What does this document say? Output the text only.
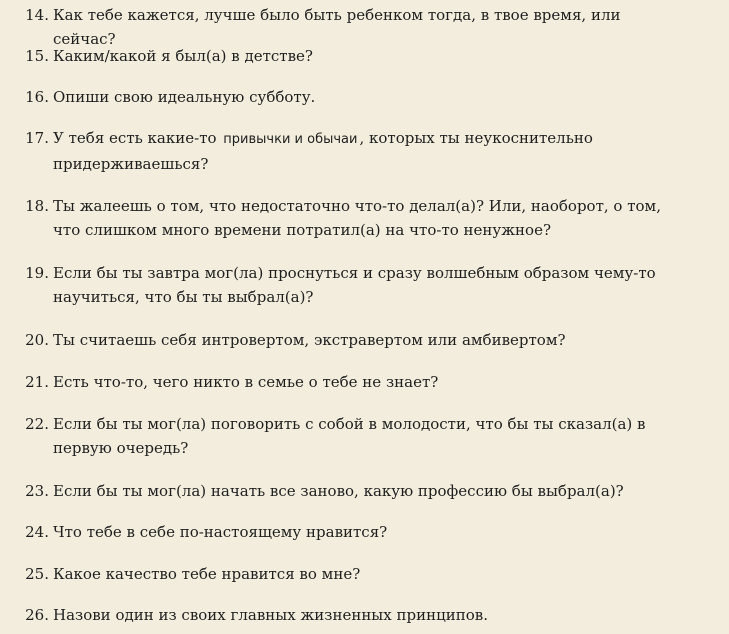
14. Как тебе кажется, лучше было быть ребенком тогда, в твое время, или сейчас?
15. Каким/какой я был(а) в детстве?
16. Опиши свою идеальную субботу.
17. У тебя есть какие-то привычки и обычаи , которых ты неукоснительно придерживаешься?
18. Ты жалеешь о том, что недостаточно что-то делал(а)? Или, наоборот, о том, что слишком много времени потратил(а) на что-то ненужное?
19. Если бы ты завтра мог(ла) проснуться и сразу волшебным образом чему-то научиться, что бы ты выбрал(а)?
20. Ты считаешь себя интровертом, экстравертом или амбивертом?
21. Есть что-то, чего никто в семье о тебе не знает?
22. Если бы ты мог(ла) поговорить с собой в молодости, что бы ты сказал(а) в первую очередь?
23. Если бы ты мог(ла) начать все заново, какую профессию бы выбрал(а)?
24. Что тебе в себе по-настоящему нравится?
25. Какое качество тебе нравится во мне?
26. Назови один из своих главных жизненных принципов.
